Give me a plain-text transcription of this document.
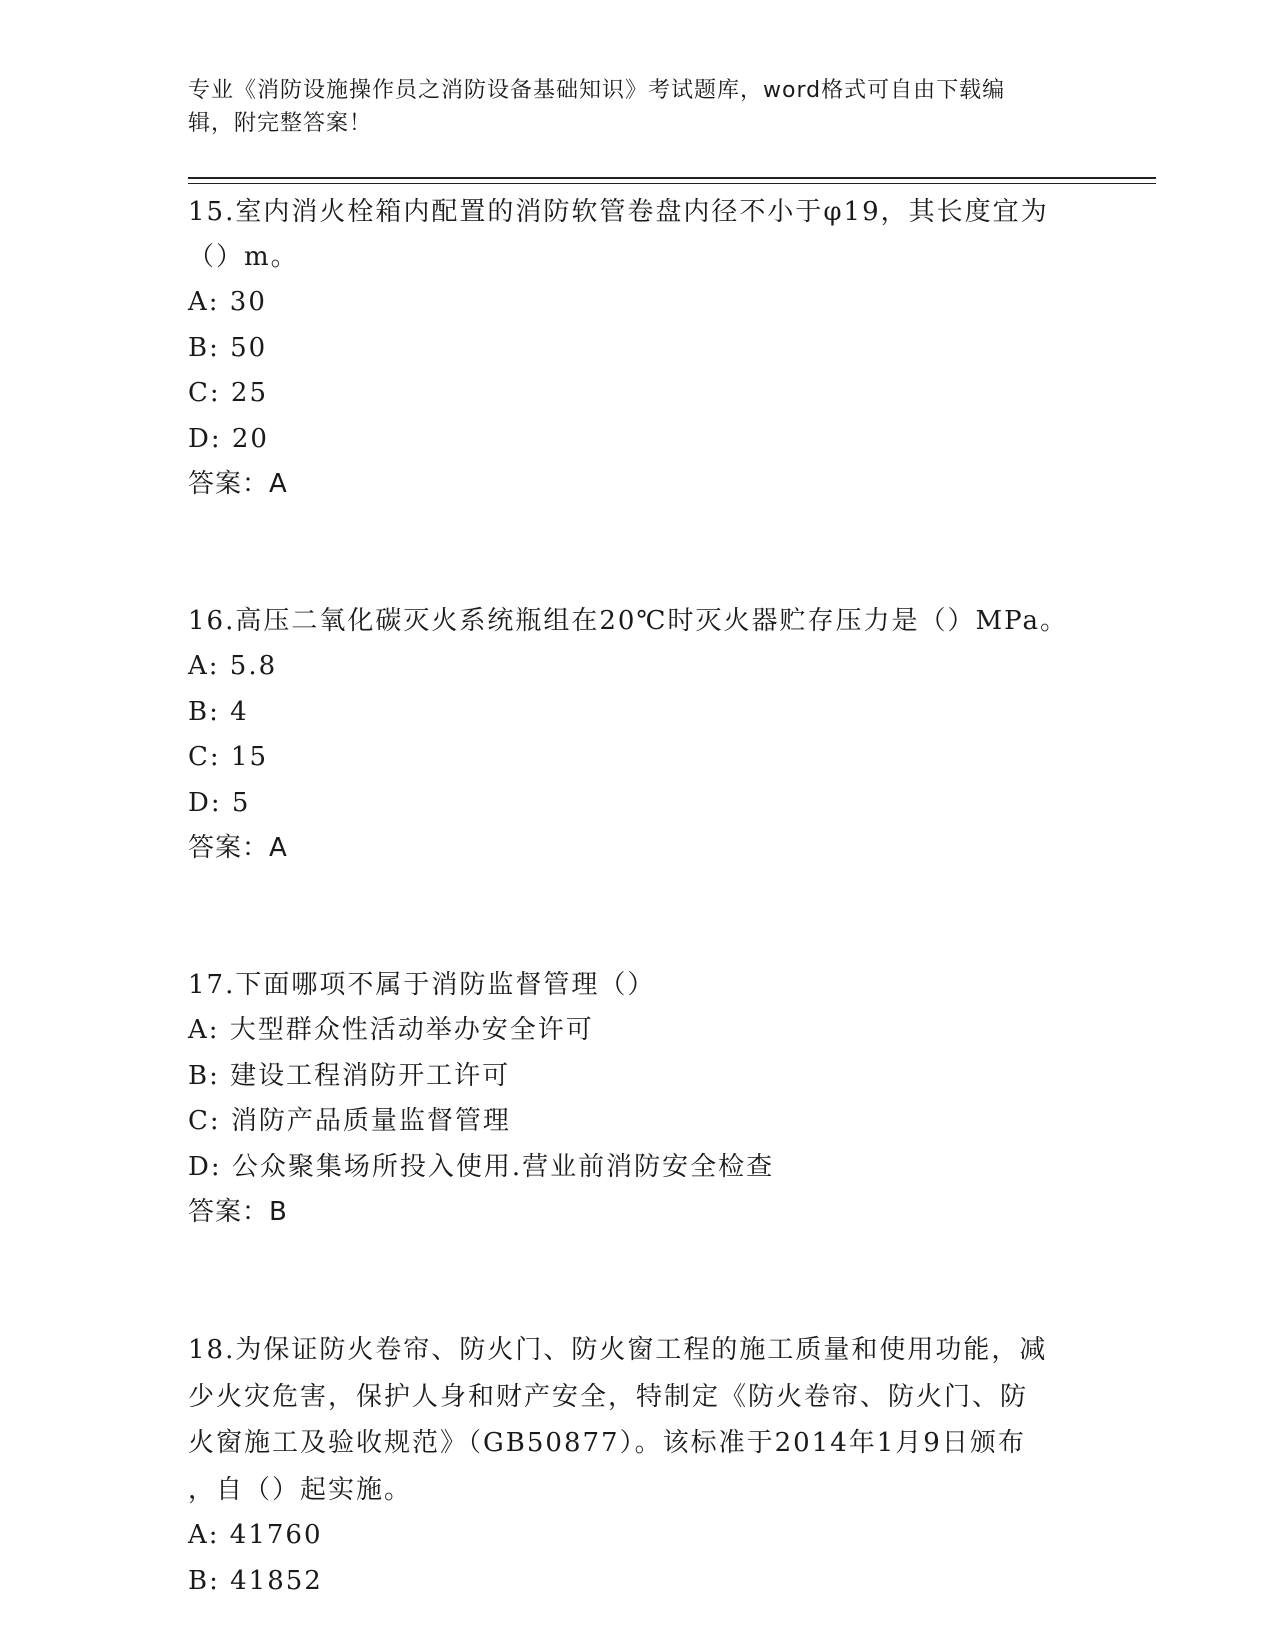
专业《消防设施操作员之消防设备基础知识》考试题库，word格式可自由下载编
辑，附完整答案！

15.室内消火栓箱内配置的消防软管卷盘内径不小于φ19，其长度宜为

（）m。

A: 30

B: 50

C: 25

D: 20

答案：A

16.高压二氧化碳灭火系统瓶组在20℃时灭火器贮存压力是（）MPa。

A: 5.8

B: 4

C: 15

D: 5

答案：A

17.下面哪项不属于消防监督管理（）

A: 大型群众性活动举办安全许可

B: 建设工程消防开工许可

C: 消防产品质量监督管理

D: 公众聚集场所投入使用.营业前消防安全检查

答案：B

18.为保证防火卷帘、防火门、防火窗工程的施工质量和使用功能，减

少火灾危害，保护人身和财产安全，特制定《防火卷帘、防火门、防

火窗施工及验收规范》（GB50877）。该标准于2014年1月9日颁布

，自（）起实施。

A: 41760

B: 41852
